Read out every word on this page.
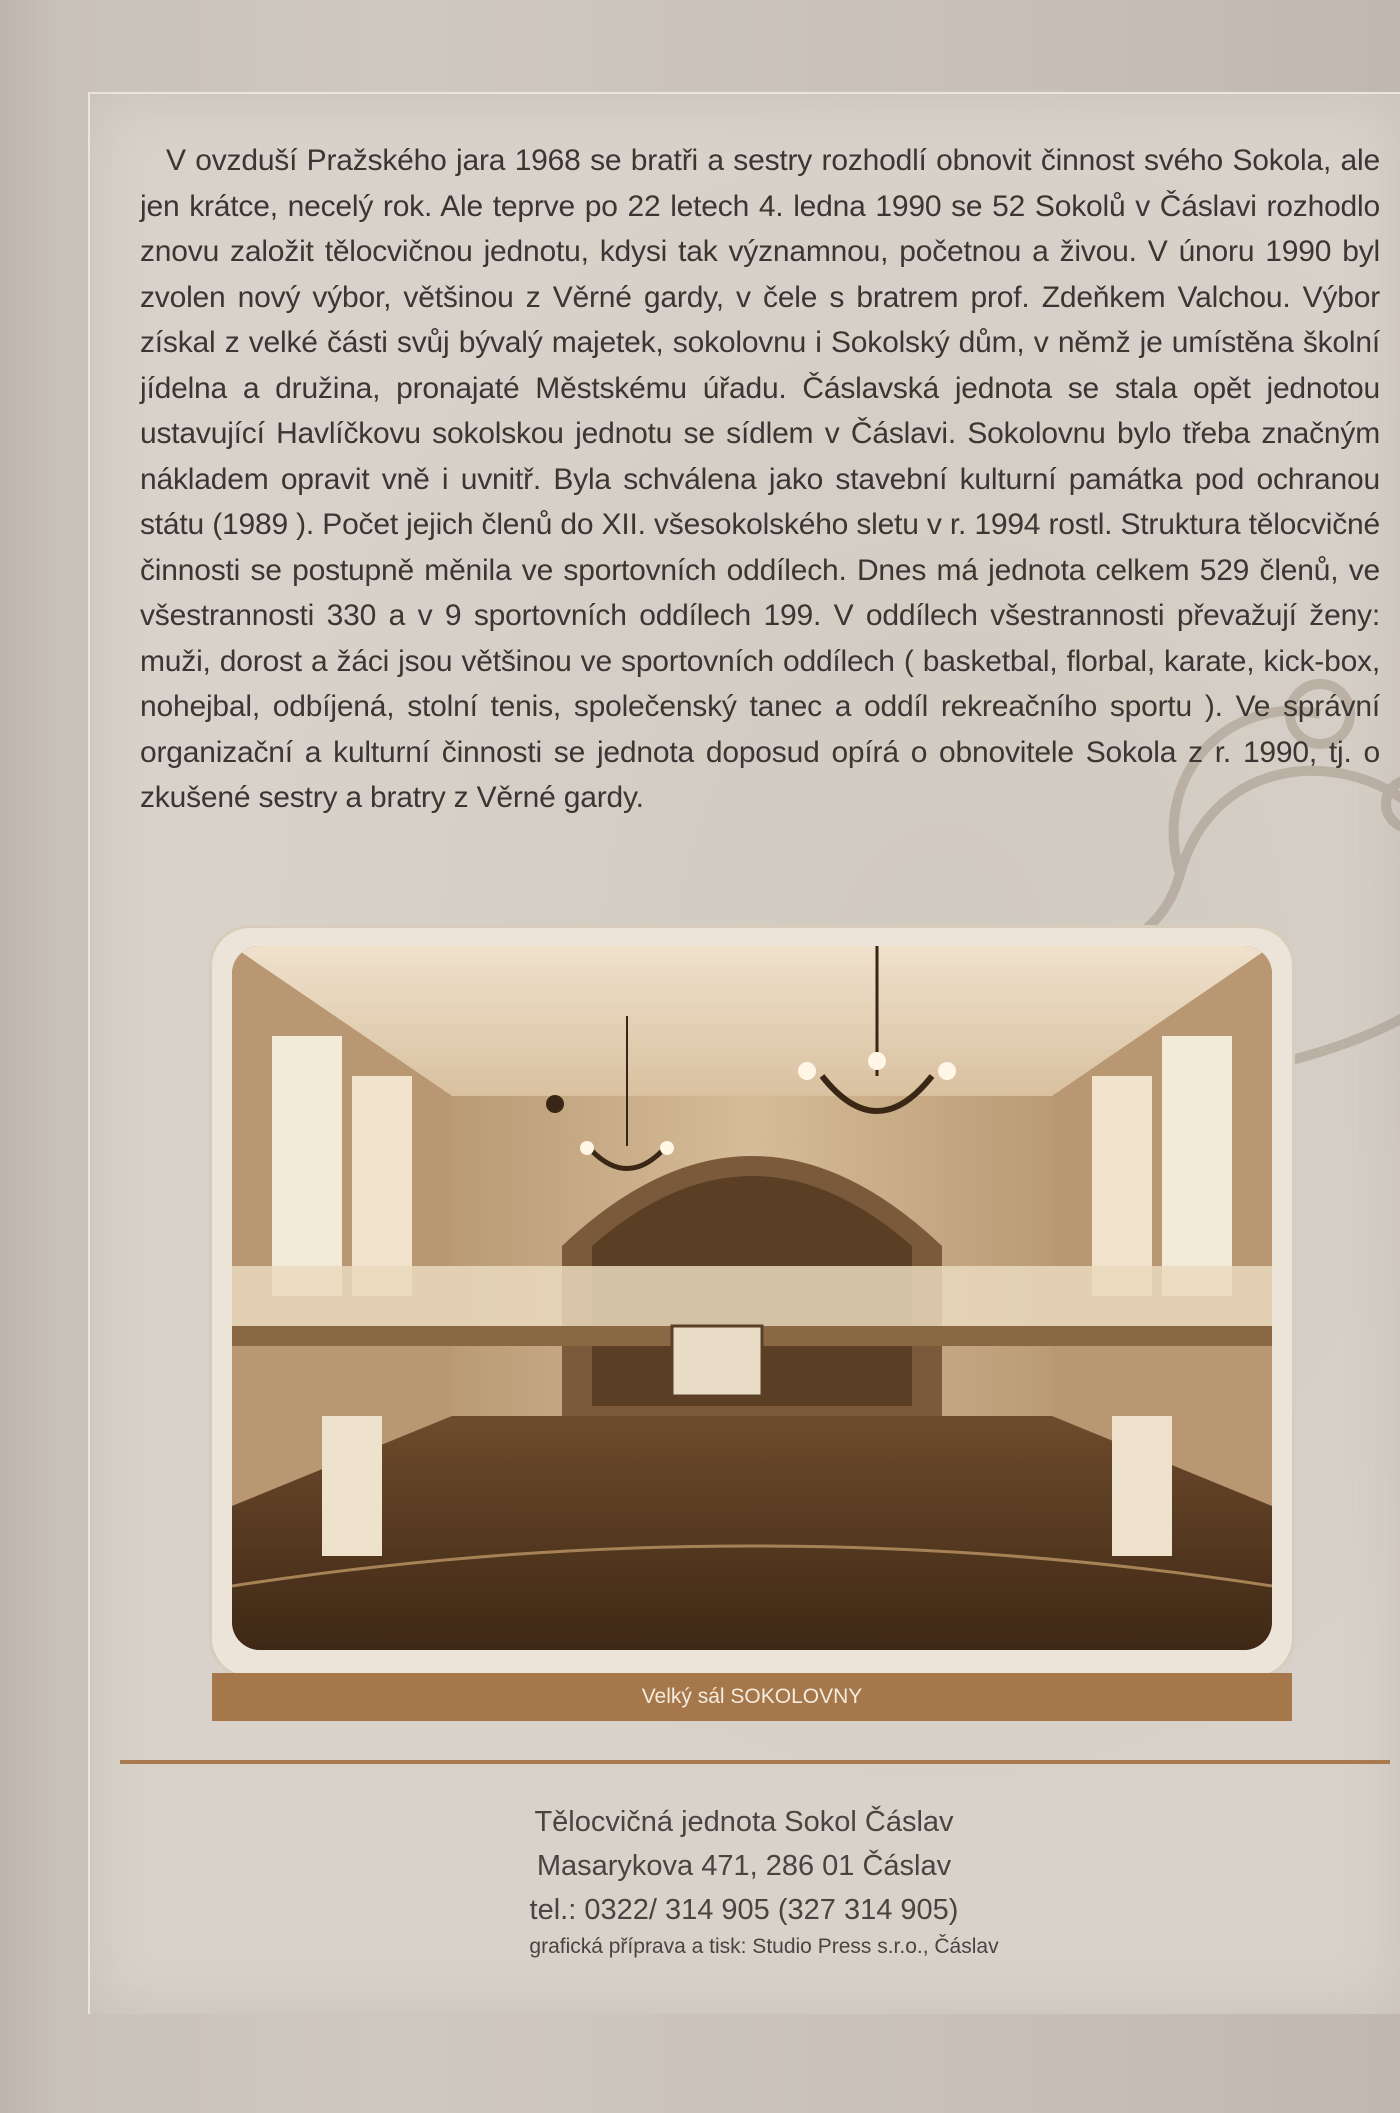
V ovzduší Pražského jara 1968 se bratři a sestry rozhodlí obnovit činnost svého Sokola, ale jen krátce, necelý rok. Ale teprve po 22 letech 4. ledna 1990 se 52 Sokolů v Čáslavi rozhodlo znovu založit tělocvičnou jednotu, kdysi tak významnou, početnou a živou. V únoru 1990 byl zvolen nový výbor, většinou z Věrné gardy, v čele s bratrem prof. Zdeňkem Valchou. Výbor získal z velké části svůj bývalý majetek, sokolovnu i Sokolský dům, v němž je umístěna školní jídelna a družina, pronajaté Městskému úřadu. Čáslavská jednota se stala opět jednotou ustavující Havlíčkovu sokolskou jednotu se sídlem v Čáslavi. Sokolovnu bylo třeba značným nákladem opravit vně i uvnitř. Byla schválena jako stavební kulturní památka pod ochranou státu (1989 ). Počet jejich členů do XII. všesokolského sletu v r. 1994 rostl. Struktura tělocvičné činnosti se postupně měnila ve sportovních oddílech. Dnes má jednota celkem 529 členů, ve všestrannosti 330 a v 9 sportovních oddílech 199. V oddílech všestrannosti převažují ženy: muži, dorost a žáci jsou většinou ve sportovních oddílech ( basketbal, florbal, karate, kick-box, nohejbal, odbíjená, stolní tenis, společenský tanec a oddíl rekreačního sportu ). Ve správní organizační a kulturní činnosti se jednota doposud opírá o obnovitele Sokola z r. 1990, tj. o zkušené sestry a bratry z Věrné gardy.

Velký sál SOKOLOVNY
Tělocvičná jednota Sokol Čáslav
Masarykova 471, 286 01 Čáslav
tel.: 0322/ 314 905 (327 314 905)
grafická příprava a tisk: Studio Press s.r.o., Čáslav
